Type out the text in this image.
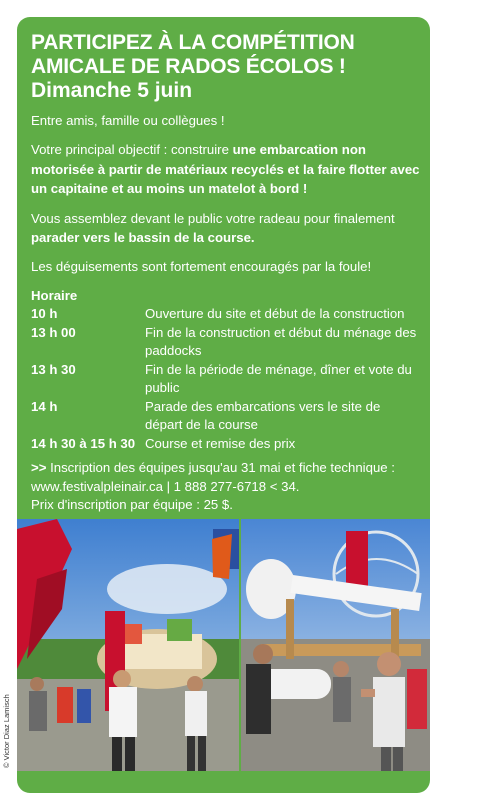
PARTICIPEZ À LA COMPÉTITION
AMICALE DE RADOS ÉCOLOS !
Dimanche 5 juin

Entre amis, famille ou collègues !

Votre principal objectif : construire une embarcation non motorisée à partir de matériaux recyclés et la faire flotter avec un capitaine et au moins un matelot à bord !

Vous assemblez devant le public votre radeau pour finalement parader vers le bassin de la course.

Les déguisements sont fortement encouragés par la foule!

Horaire
10 h	Ouverture du site et début de la construction
13 h 00	Fin de la construction et début du ménage des paddocks
13 h 30	Fin de la période de ménage, dîner et vote du public
14 h	Parade des embarcations vers le site de départ de la course
14 h 30 à 15 h 30 Course et remise des prix
>> Inscription des équipes jusqu'au 31 mai et fiche technique :
www.festivalpleinair.ca | 1 888 277-6718 < 34.
Prix d'inscription par équipe : 25 $.
© Victor Diaz Lamisch
